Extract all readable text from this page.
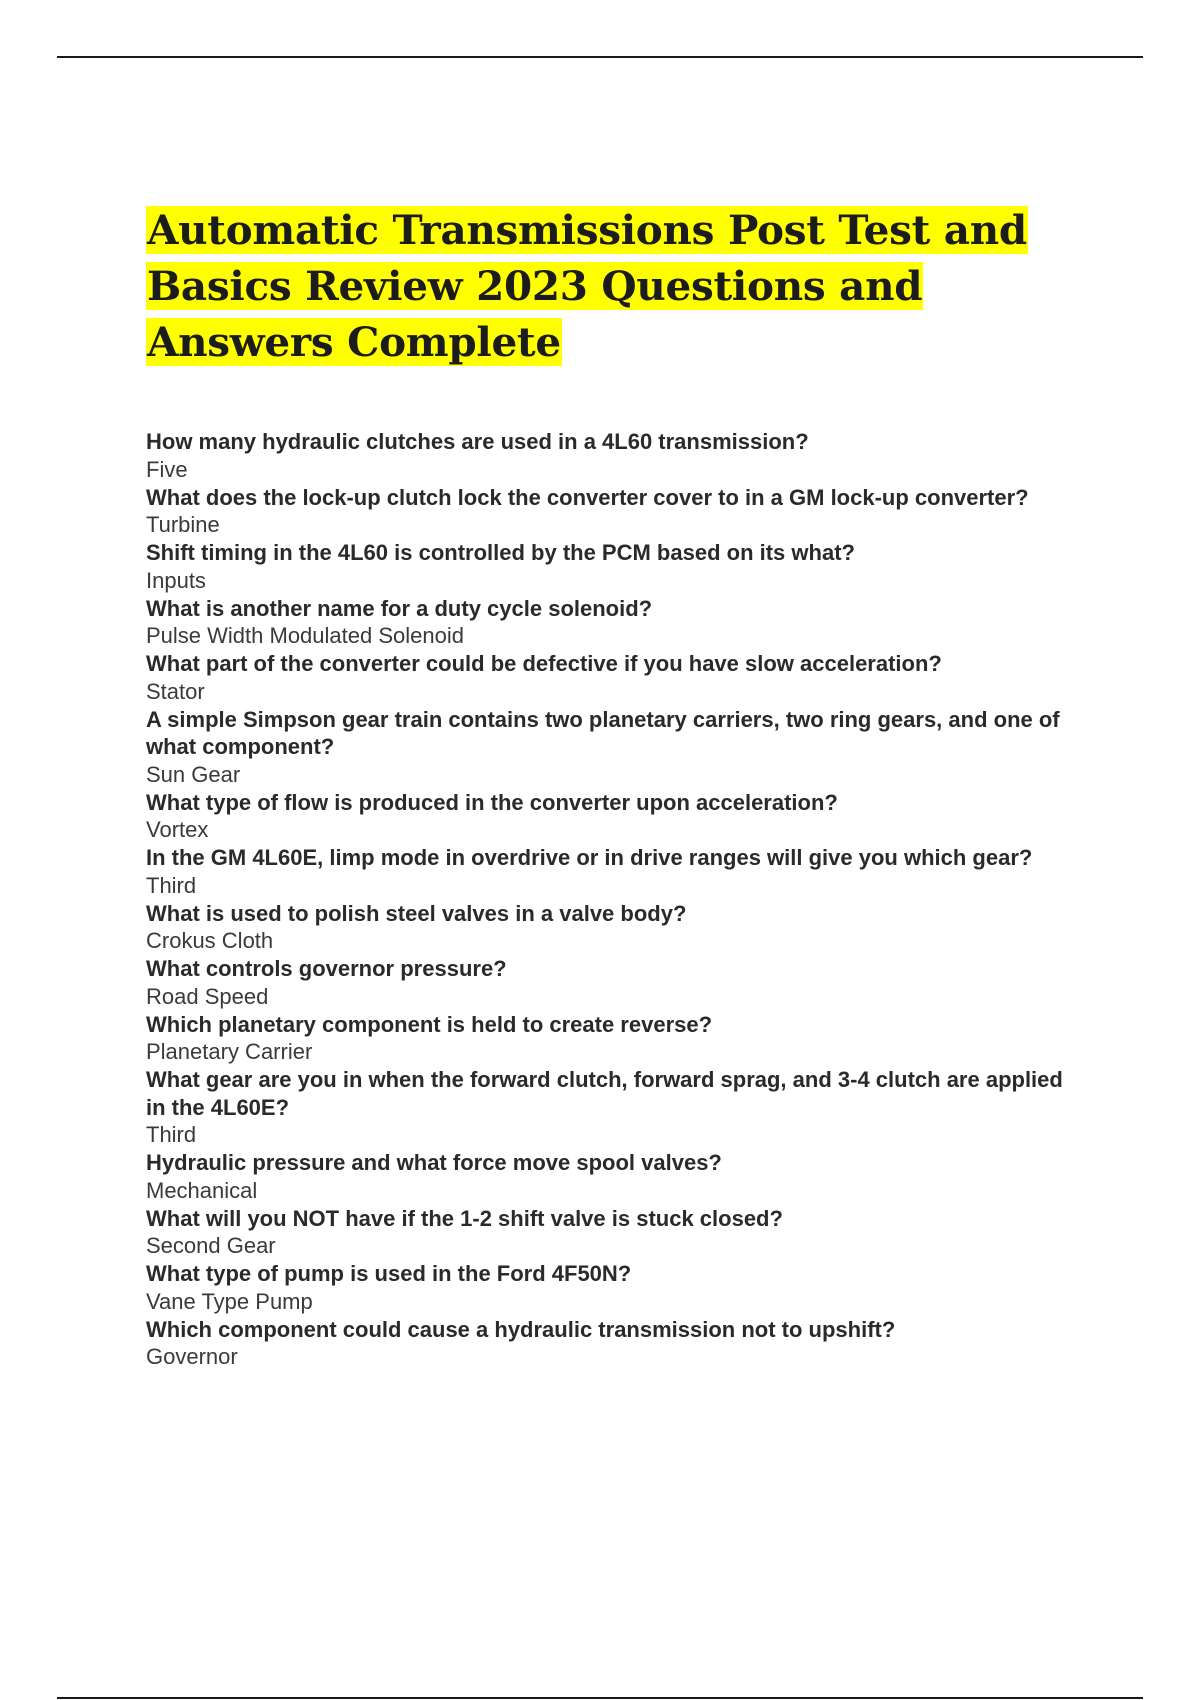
Automatic Transmissions Post Test and Basics Review 2023 Questions and Answers Complete
How many hydraulic clutches are used in a 4L60 transmission?
Five
What does the lock-up clutch lock the converter cover to in a GM lock-up converter?
Turbine
Shift timing in the 4L60 is controlled by the PCM based on its what?
Inputs
What is another name for a duty cycle solenoid?
Pulse Width Modulated Solenoid
What part of the converter could be defective if you have slow acceleration?
Stator
A simple Simpson gear train contains two planetary carriers, two ring gears, and one of what component?
Sun Gear
What type of flow is produced in the converter upon acceleration?
Vortex
In the GM 4L60E, limp mode in overdrive or in drive ranges will give you which gear?
Third
What is used to polish steel valves in a valve body?
Crokus Cloth
What controls governor pressure?
Road Speed
Which planetary component is held to create reverse?
Planetary Carrier
What gear are you in when the forward clutch, forward sprag, and 3-4 clutch are applied in the 4L60E?
Third
Hydraulic pressure and what force move spool valves?
Mechanical
What will you NOT have if the 1-2 shift valve is stuck closed?
Second Gear
What type of pump is used in the Ford 4F50N?
Vane Type Pump
Which component could cause a hydraulic transmission not to upshift?
Governor
